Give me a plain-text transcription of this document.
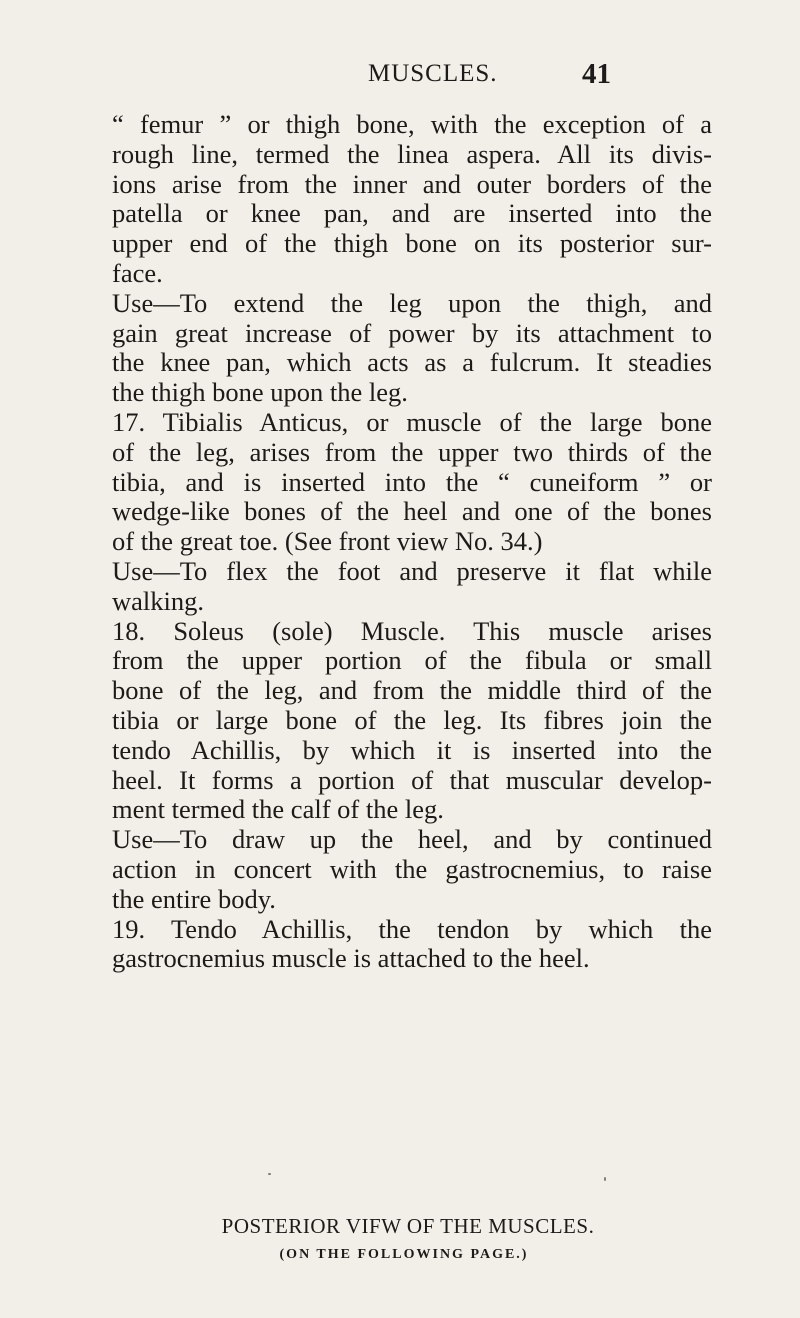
MUSCLES.	41
“ femur ” or thigh bone, with the exception of a
rough line, termed the linea aspera. All its divis-
ions arise from the inner and outer borders of the
patella or knee pan, and are inserted into the
upper end of the thigh bone on its posterior sur-
face.
Use—To extend the leg upon the thigh, and
gain great increase of power by its attachment to
the knee pan, which acts as a fulcrum. It steadies
the thigh bone upon the leg.
17. Tibialis Anticus, or muscle of the large bone
of the leg, arises from the upper two thirds of the
tibia, and is inserted into the “ cuneiform ” or
wedge-like bones of the heel and one of the bones
of the great toe. (See front view No. 34.)
Use—To flex the foot and preserve it flat while
walking.
18. Soleus (sole) Muscle. This muscle arises
from the upper portion of the fibula or small
bone of the leg, and from the middle third of the
tibia or large bone of the leg. Its fibres join the
tendo Achillis, by which it is inserted into the
heel. It forms a portion of that muscular develop-
ment termed the calf of the leg.
Use—To draw up the heel, and by continued
action in concert with the gastrocnemius, to raise
the entire body.
19. Tendo Achillis, the tendon by which the
gastrocnemius muscle is attached to the heel.
POSTERIOR VIFW OF THE MUSCLES.
(ON THE FOLLOWING PAGE.)
